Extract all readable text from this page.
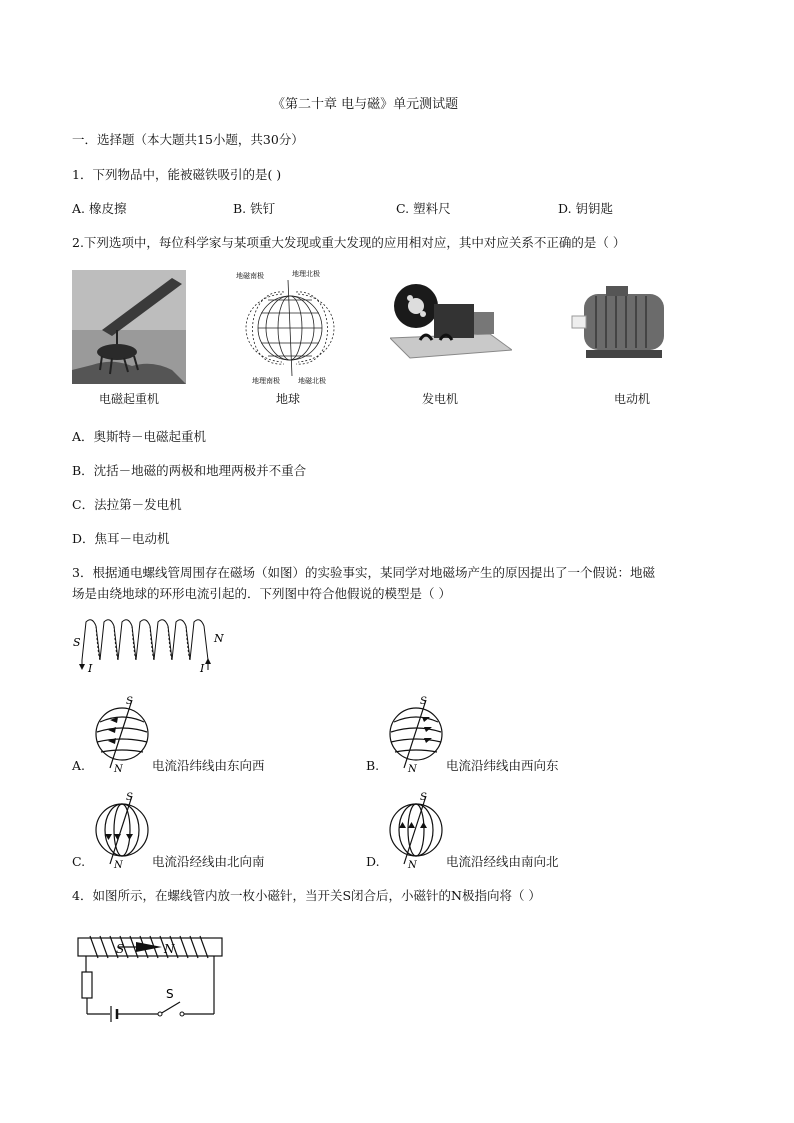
《第二十章 电与磁》单元测试题
一．选择题（本大题共15小题，共30分）
1．下列物品中，能被磁铁吸引的是( )
A. 橡皮擦	B. 铁钉	C. 塑料尺	D. 钥钥匙
2.下列选项中，每位科学家与某项重大发现或重大发现的应用相对应，其中对应关系不正确的是（ ）
电磁起重机
地磁南极	地理北极
地理南极	地磁北极
地球	发电机	电动机
A．奥斯特－电磁起重机
B．沈括－地磁的两极和地理两极并不重合
C．法拉第－发电机
D．焦耳－电动机
3．根据通电螺线管周围存在磁场（如图）的实验事实，某同学对地磁场产生的原因提出了一个假说：地磁
场是由绕地球的环形电流引起的．下列图中符合他假说的模型是（ ）
S	N
I	I
S
N
A.	电流沿纬线由东向西
S
N
B.	电流沿纬线由西向东
S
N
C.	电流沿经线由北向南
S
N
D.	电流沿经线由南向北
4．如图所示，在螺线管内放一枚小磁针，当开关S闭合后，小磁针的N极指向将（ ）
S	N
S
